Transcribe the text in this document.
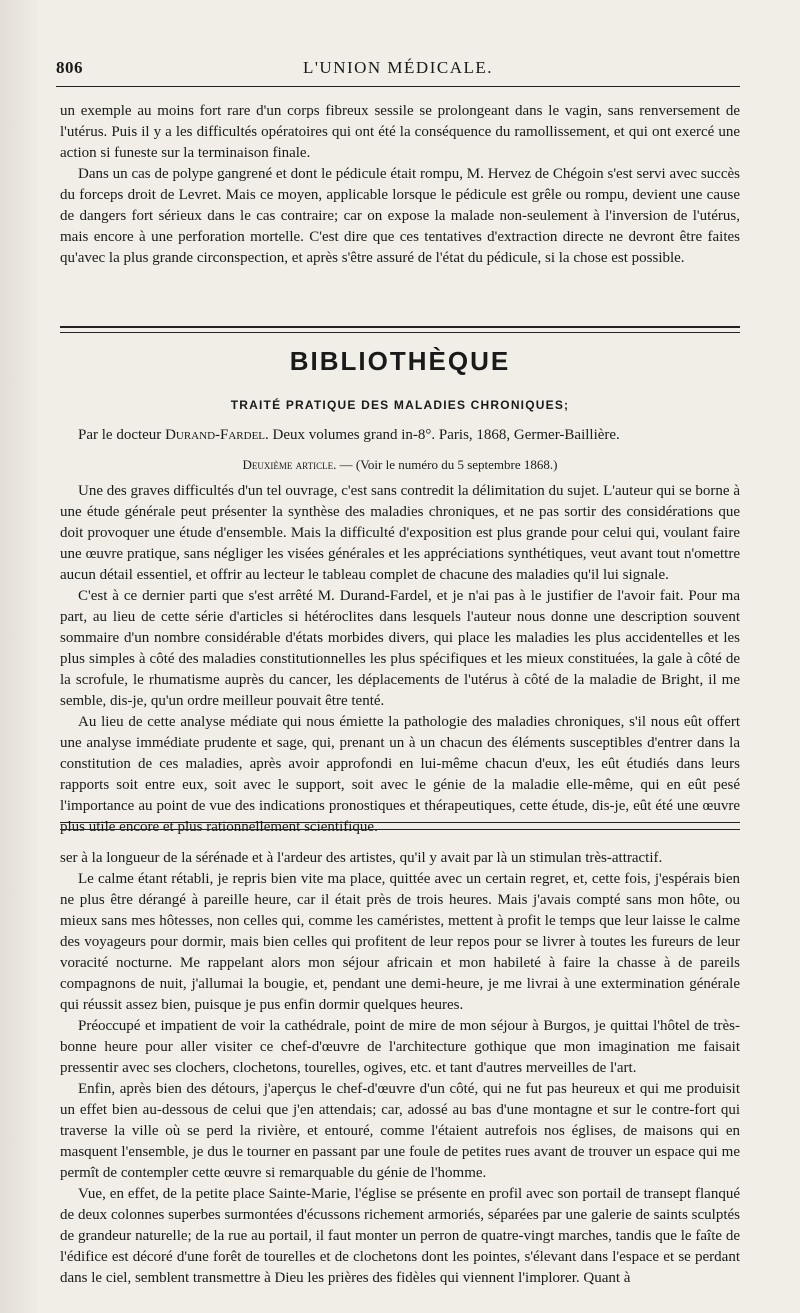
806	L'UNION MÉDICALE.

un exemple au moins fort rare d'un corps fibreux sessile se prolongeant dans le vagin, sans renversement de l'utérus. Puis il y a les difficultés opératoires qui ont été la conséquence du ramollissement, et qui ont exercé une action si funeste sur la terminaison finale.

Dans un cas de polype gangrené et dont le pédicule était rompu, M. Hervez de Chégoin s'est servi avec succès du forceps droit de Levret. Mais ce moyen, applicable lorsque le pédicule est grêle ou rompu, devient une cause de dangers fort sérieux dans le cas contraire; car on expose la malade non-seulement à l'inversion de l'utérus, mais encore à une perforation mortelle. C'est dire que ces tentatives d'extraction directe ne devront être faites qu'avec la plus grande circonspection, et après s'être assuré de l'état du pédicule, si la chose est possible.

BIBLIOTHÈQUE
TRAITÉ PRATIQUE DES MALADIES CHRONIQUES;
Par le docteur Durand-Fardel. Deux volumes grand in-8°. Paris, 1868, Germer-Baillière.
Deuxième article. — (Voir le numéro du 5 septembre 1868.)

Une des graves difficultés d'un tel ouvrage, c'est sans contredit la délimitation du sujet. L'auteur qui se borne à une étude générale peut présenter la synthèse des maladies chroniques, et ne pas sortir des considérations que doit provoquer une étude d'ensemble. Mais la difficulté d'exposition est plus grande pour celui qui, voulant faire une œuvre pratique, sans négliger les visées générales et les appréciations synthétiques, veut avant tout n'omettre aucun détail essentiel, et offrir au lecteur le tableau complet de chacune des maladies qu'il lui signale.

C'est à ce dernier parti que s'est arrêté M. Durand-Fardel, et je n'ai pas à le justifier de l'avoir fait. Pour ma part, au lieu de cette série d'articles si hétéroclites dans lesquels l'auteur nous donne une description souvent sommaire d'un nombre considérable d'états morbides divers, qui place les maladies les plus accidentelles et les plus simples à côté des maladies constitutionnelles les plus spécifiques et les mieux constituées, la gale à côté de la scrofule, le rhumatisme auprès du cancer, les déplacements de l'utérus à côté de la maladie de Bright, il me semble, dis-je, qu'un ordre meilleur pouvait être tenté.

Au lieu de cette analyse médiate qui nous émiette la pathologie des maladies chroniques, s'il nous eût offert une analyse immédiate prudente et sage, qui, prenant un à un chacun des éléments susceptibles d'entrer dans la constitution de ces maladies, après avoir approfondi en lui-même chacun d'eux, les eût étudiés dans leurs rapports soit entre eux, soit avec le support, soit avec le génie de la maladie elle-même, qui en eût pesé l'importance au point de vue des indications pronostiques et thérapeutiques, cette étude, dis-je, eût été une œuvre plus utile encore et plus rationnellement scientifique.

ser à la longueur de la sérénade et à l'ardeur des artistes, qu'il y avait par là un stimulan très-attractif.

Le calme étant rétabli, je repris bien vite ma place, quittée avec un certain regret, et, cette fois, j'espérais bien ne plus être dérangé à pareille heure, car il était près de trois heures. Mais j'avais compté sans mon hôte, ou mieux sans mes hôtesses, non celles qui, comme les caméristes, mettent à profit le temps que leur laisse le calme des voyageurs pour dormir, mais bien celles qui profitent de leur repos pour se livrer à toutes les fureurs de leur voracité nocturne. Me rappelant alors mon séjour africain et mon habileté à faire la chasse à de pareils compagnons de nuit, j'allumai la bougie, et, pendant une demi-heure, je me livrai à une extermination générale qui réussit assez bien, puisque je pus enfin dormir quelques heures.

Préoccupé et impatient de voir la cathédrale, point de mire de mon séjour à Burgos, je quittai l'hôtel de très-bonne heure pour aller visiter ce chef-d'œuvre de l'architecture gothique que mon imagination me faisait pressentir avec ses clochers, clochetons, tourelles, ogives, etc. et tant d'autres merveilles de l'art.

Enfin, après bien des détours, j'aperçus le chef-d'œuvre d'un côté, qui ne fut pas heureux et qui me produisit un effet bien au-dessous de celui que j'en attendais; car, adossé au bas d'une montagne et sur le contre-fort qui traverse la ville où se perd la rivière, et entouré, comme l'étaient autrefois nos églises, de maisons qui en masquent l'ensemble, je dus le tourner en passant par une foule de petites rues avant de trouver un espace qui me permît de contempler cette œuvre si remarquable du génie de l'homme.

Vue, en effet, de la petite place Sainte-Marie, l'église se présente en profil avec son portail de transept flanqué de deux colonnes superbes surmontées d'écussons richement armoriés, séparées par une galerie de saints sculptés de grandeur naturelle; de la rue au portail, il faut monter un perron de quatre-vingt marches, tandis que le faîte de l'édifice est décoré d'une forêt de tourelles et de clochetons dont les pointes, s'élevant dans l'espace et se perdant dans le ciel, semblent transmettre à Dieu les prières des fidèles qui viennent l'implorer. Quant à
